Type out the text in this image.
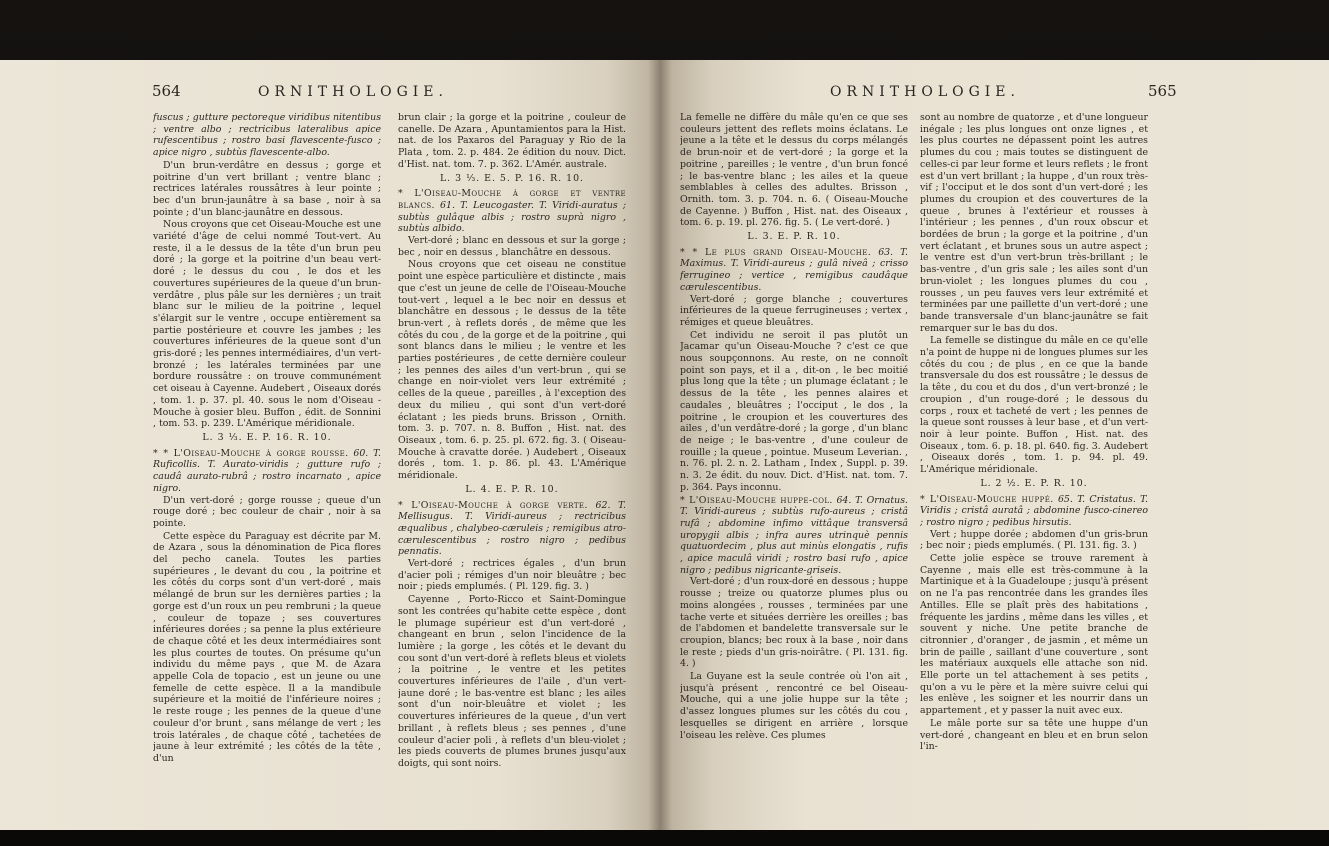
564	ORNITHOLOGIE.	ORNITHOLOGIE.	565

fuscus ; gutture pectoreque viridibus nitentibus ; ventre albo ; rectricibus lateralibus apice rufescentibus ; rostro basi flavescente-fusco ; apice nigro , subtùs flavescente-albo.

D'un brun-verdâtre en dessus ; gorge et poitrine d'un vert brillant ; ventre blanc ; rectrices latérales roussâtres à leur pointe ; bec d'un brun-jaunâtre à sa base , noir à sa pointe ; d'un blanc-jaunâtre en dessous.

Nous croyons que cet Oiseau-Mouche est une variété d'âge de celui nommé Tout-vert. Au reste, il a le dessus de la tête d'un brun peu doré ; la gorge et la poitrine d'un beau vert-doré ; le dessus du cou , le dos et les couvertures supérieures de la queue d'un brun-verdâtre , plus pâle sur les dernières ; un trait blanc sur le milieu de la poitrine , lequel s'élargit sur le ventre , occupe entièrement sa partie postérieure et couvre les jambes ; les couvertures inférieures de la queue sont d'un gris-doré ; les pennes intermédiaires, d'un vert-bronzé ; les latérales terminées par une bordure roussâtre : on trouve communément cet oiseau à Cayenne. Audebert , Oiseaux dorés , tom. 1. p. 37. pl. 40. sous le nom d'Oiseau - Mouche à gosier bleu. Buffon , édit. de Sonnini , tom. 53. p. 239. L'Amérique méridionale.

L. 3 ⅓. E. P. 16. R. 10.

* * L'Oiseau-Mouche à gorge rousse. 60. T. Ruficollis. T. Aurato-viridis ; gutture rufo ; caudâ aurato-rubrâ ; rostro incarnato , apice nigro.

D'un vert-doré ; gorge rousse ; queue d'un rouge doré ; bec couleur de chair , noir à sa pointe.

Cette espèce du Paraguay est décrite par M. de Azara , sous la dénomination de Pica flores del pecho canela. Toutes les parties supérieures , le devant du cou , la poitrine et les côtés du corps sont d'un vert-doré , mais mélangé de brun sur les dernières parties ; la gorge est d'un roux un peu rembruni ; la queue , couleur de topaze ; ses couvertures inférieures dorées ; sa penne la plus extérieure de chaque côté et les deux intermédiaires sont les plus courtes de toutes. On présume qu'un individu du même pays , que M. de Azara appelle Cola de topacio , est un jeune ou une femelle de cette espèce. Il a la mandibule supérieure et la moitié de l'inférieure noires ; le reste rouge ; les pennes de la queue d'une couleur d'or brunt , sans mélange de vert ; les trois latérales , de chaque côté , tachetées de jaune à leur extrémité ; les côtés de la tête , d'un

brun clair ; la gorge et la poitrine , couleur de canelle. De Azara , Apuntamientos para la Hist. nat. de los Paxaros del Paraguay y Rio de la Plata , tom. 2. p. 484. 2e édition du nouv. Dict. d'Hist. nat. tom. 7. p. 362. L'Amér. australe.

L. 3 ⅓. E. 5. P. 16. R. 10.

* L'Oiseau-Mouche à gorge et ventre blancs. 61. T. Leucogaster. T. Viridi-auratus ; subtùs gulâque albis ; rostro suprà nigro , subtùs albido.

Vert-doré ; blanc en dessous et sur la gorge ; bec , noir en dessus , blanchâtre en dessous.

Nous croyons que cet oiseau ne constitue point une espèce particulière et distincte , mais que c'est un jeune de celle de l'Oiseau-Mouche tout-vert , lequel a le bec noir en dessus et blanchâtre en dessous ; le dessus de la tête brun-vert , à reflets dorés , de même que les côtés du cou , de la gorge et de la poitrine , qui sont blancs dans le milieu ; le ventre et les parties postérieures , de cette dernière couleur ; les pennes des ailes d'un vert-brun , qui se change en noir-violet vers leur extrémité ; celles de la queue , pareilles , à l'exception des deux du milieu , qui sont d'un vert-doré éclatant ; les pieds bruns. Brisson , Ornith. tom. 3. p. 707. n. 8. Buffon , Hist. nat. des Oiseaux , tom. 6. p. 25. pl. 672. fig. 3. ( Oiseau-Mouche à cravatte dorée. ) Audebert , Oiseaux dorés , tom. 1. p. 86. pl. 43. L'Amérique méridionale.

L. 4. E. P. R. 10.

* L'Oiseau-Mouche à gorge verte. 62. T. Mellisugus. T. Viridi-aureus ; rectricibus æqualibus , chalybeo-cæruleis ; remigibus atro-cærulescentibus ; rostro nigro ; pedibus pennatis.

Vert-doré ; rectrices égales , d'un brun d'acier poli ; rémiges d'un noir bleuâtre ; bec noir ; pieds emplumés. ( Pl. 129. fig. 3. )

Cayenne , Porto-Ricco et Saint-Domingue sont les contrées qu'habite cette espèce , dont le plumage supérieur est d'un vert-doré , changeant en brun , selon l'incidence de la lumière ; la gorge , les côtés et le devant du cou sont d'un vert-doré à reflets bleus et violets ; la poitrine , le ventre et les petites couvertures inférieures de l'aile , d'un vert-jaune doré ; le bas-ventre est blanc ; les ailes sont d'un noir-bleuâtre et violet ; les couvertures inférieures de la queue , d'un vert brillant , à reflets bleus ; ses pennes , d'une couleur d'acier poli , à reflets d'un bleu-violet ; les pieds couverts de plumes brunes jusqu'aux doigts, qui sont noirs.

La femelle ne diffère du mâle qu'en ce que ses couleurs jettent des reflets moins éclatans. Le jeune a la tête et le dessus du corps mélangés de brun-noir et de vert-doré ; la gorge et la poitrine , pareilles ; le ventre , d'un brun foncé ; le bas-ventre blanc ; les ailes et la queue semblables à celles des adultes. Brisson , Ornith. tom. 3. p. 704. n. 6. ( Oiseau-Mouche de Cayenne. ) Buffon , Hist. nat. des Oiseaux , tom. 6. p. 19. pl. 276. fig. 5. ( Le vert-doré. )

L. 3. E. P. R. 10.

* * Le plus grand Oiseau-Mouche. 63. T. Maximus. T. Viridi-aureus ; gulâ niveâ ; crisso ferrugineo ; vertice , remigibus caudâque cærulescentibus.

Vert-doré ; gorge blanche ; couvertures inférieures de la queue ferrugineuses ; vertex , rémiges et queue bleuâtres.

Cet individu ne seroit il pas plutôt un Jacamar qu'un Oiseau-Mouche ? c'est ce que nous soupçonnons. Au reste, on ne connoît point son pays, et il a , dit-on , le bec moitié plus long que la tête ; un plumage éclatant ; le dessus de la tête , les pennes alaires et caudales , bleuâtres ; l'occiput , le dos , la poitrine , le croupion et les couvertures des ailes , d'un verdâtre-doré ; la gorge , d'un blanc de neige ; le bas-ventre , d'une couleur de rouille ; la queue , pointue. Museum Leverian. , n. 76. pl. 2. n. 2. Latham , Index , Suppl. p. 39. n. 3. 2e édit. du nouv. Dict. d'Hist. nat. tom. 7. p. 364. Pays inconnu.

* L'Oiseau-Mouche huppe-col. 64. T. Ornatus. T. Viridi-aureus ; subtùs rufo-aureus ; cristâ rufâ ; abdomine infimo vittâque transversâ uropygii albis ; infra aures utrinquè pennis quatuordecim , plus aut minùs elongatis , rufis , apice maculâ viridi ; rostro basi rufo , apice nigro ; pedibus nigricante-griseis.

Vert-doré ; d'un roux-doré en dessous ; huppe rousse ; treize ou quatorze plumes plus ou moins alongées , rousses , terminées par une tache verte et situées derrière les oreilles ; bas de l'abdomen et bandelette transversale sur le croupion, blancs; bec roux à la base , noir dans le reste ; pieds d'un gris-noirâtre. ( Pl. 131. fig. 4. )

La Guyane est la seule contrée où l'on ait , jusqu'à présent , rencontré ce bel Oiseau-Mouche, qui a une jolie huppe sur la tête ; d'assez longues plumes sur les côtés du cou , lesquelles se dirigent en arrière , lorsque l'oiseau les relève. Ces plumes

sont au nombre de quatorze , et d'une longueur inégale ; les plus longues ont onze lignes , et les plus courtes ne dépassent point les autres plumes du cou ; mais toutes se distinguent de celles-ci par leur forme et leurs reflets ; le front est d'un vert brillant ; la huppe , d'un roux très-vif ; l'occiput et le dos sont d'un vert-doré ; les plumes du croupion et des couvertures de la queue , brunes à l'extérieur et rousses à l'intérieur ; les pennes , d'un roux obscur et bordées de brun ; la gorge et la poitrine , d'un vert éclatant , et brunes sous un autre aspect ; le ventre est d'un vert-brun très-brillant ; le bas-ventre , d'un gris sale ; les ailes sont d'un brun-violet ; les longues plumes du cou , rousses , un peu fauves vers leur extrémité et terminées par une paillette d'un vert-doré ; une bande transversale d'un blanc-jaunâtre se fait remarquer sur le bas du dos.

La femelle se distingue du mâle en ce qu'elle n'a point de huppe ni de longues plumes sur les côtés du cou ; de plus , en ce que la bande transversale du dos est roussâtre ; le dessus de la tête , du cou et du dos , d'un vert-bronzé ; le croupion , d'un rouge-doré ; le dessous du corps , roux et tacheté de vert ; les pennes de la queue sont rousses à leur base , et d'un vert-noir à leur pointe. Buffon , Hist. nat. des Oiseaux , tom. 6. p. 18. pl. 640. fig. 3. Audebert , Oiseaux dorés , tom. 1. p. 94. pl. 49. L'Amérique méridionale.

L. 2 ½. E. P. R. 10.

* L'Oiseau-Mouche huppé. 65. T. Cristatus. T. Viridis ; cristâ auratâ ; abdomine fusco-cinereo ; rostro nigro ; pedibus hirsutis.

Vert ; huppe dorée ; abdomen d'un gris-brun ; bec noir ; pieds emplumés. ( Pl. 131. fig. 3. )

Cette jolie espèce se trouve rarement à Cayenne , mais elle est très-commune à la Martinique et à la Guadeloupe ; jusqu'à présent on ne l'a pas rencontrée dans les grandes îles Antilles. Elle se plaît près des habitations , fréquente les jardins , même dans les villes , et souvent y niche. Une petite branche de citronnier , d'oranger , de jasmin , et même un brin de paille , saillant d'une couverture , sont les matériaux auxquels elle attache son nid. Elle porte un tel attachement à ses petits , qu'on a vu le père et la mère suivre celui qui les enlève , les soigner et les nourrir dans un appartement , et y passer la nuit avec eux.

Le mâle porte sur sa tête une huppe d'un vert-doré , changeant en bleu et en brun selon l'in-
